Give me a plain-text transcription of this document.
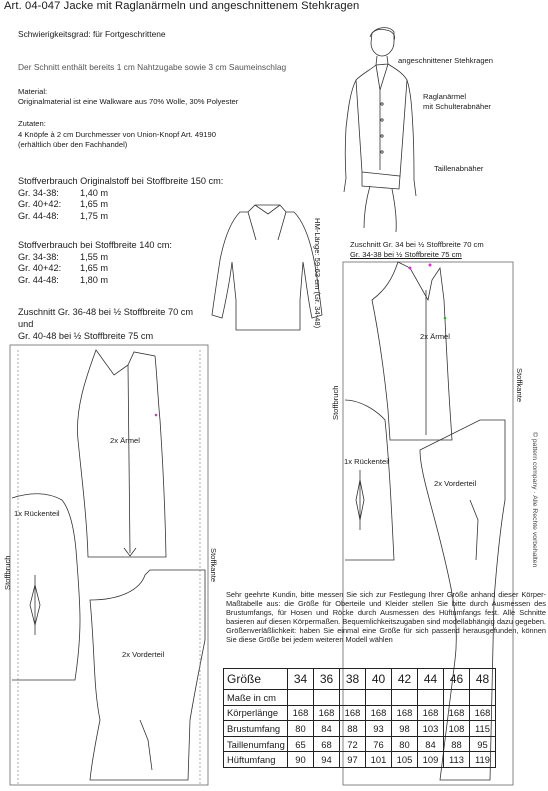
Art. 04-047 Jacke mit Raglanärmeln und angeschnittenem Stehkragen
Schwierigkeitsgrad: für Fortgeschrittene
Der Schnitt enthält bereits 1 cm Nahtzugabe sowie 3 cm Saumeinschlag
Material:
Originalmaterial ist eine Walkware aus 70% Wolle, 30% Polyester
Zutaten:
4 Knöpfe à 2 cm Durchmesser von Union-Knopf Art. 49190
(erhältlich über den Fachhandel)
Stoffverbrauch Originalstoff bei Stoffbreite 150 cm:
Gr. 34-38: 1,40 m
Gr. 40+42: 1,65 m
Gr. 44-48: 1,75 m
Stoffverbrauch bei Stoffbreite 140 cm:
Gr. 34-38: 1,55 m
Gr. 40+42: 1,65 m
Gr. 44-48: 1,80 m
Zuschnitt Gr. 36-48 bei ½ Stoffbreite 70 cm
und
Gr. 40-48 bei ½ Stoffbreite 75 cm
angeschnittener Stehkragen
Raglanärmel
mit Schulterabnäher
Taillenabnäher
HM-Länge: 59-63 cm (Gr. 34-48)	Zuschnitt Gr. 34 bei ½ Stoffbreite 70 cm
Gr. 34-38 bei ½ Stoffbreite 75 cm
2x Ärmel
1x Rückenteil
2x Vorderteil
Stoffbruch	Stoffkante
2x Ärmel
1x Rückenteil
2x Vorderteil
Stoffbruch
Stoffkante
© pattern company · Alle Rechte vorbehalten
Sehr geehrte Kundin, bitte messen Sie sich zur Festlegung Ihrer Größe anhand dieser Körper-Maßtabelle aus: die Größe für Oberteile und Kleider stellen Sie bitte durch Ausmessen des Brustumfangs, für Hosen und Röcke durch Ausmessen des Hüftumfangs fest. Alle Schnitte basieren auf diesen Körpermaßen. Bequemlichkeitszugaben sind modellabhängig dazu gegeben. Größenverläßlichkeit: haben Sie einmal eine Größe für sich passend herausgefunden, können Sie diese Größe bei jedem weiteren Modell wählen
Größe	34	36	38	40	42	44	46	48
Maße in cm								
Körperlänge	168	168	168	168	168	168	168	168
Brustumfang	80	84	88	93	98	103	108	115
Taillenumfang	65	68	72	76	80	84	88	95
Hüftumfang	90	94	97	101	105	109	113	119
